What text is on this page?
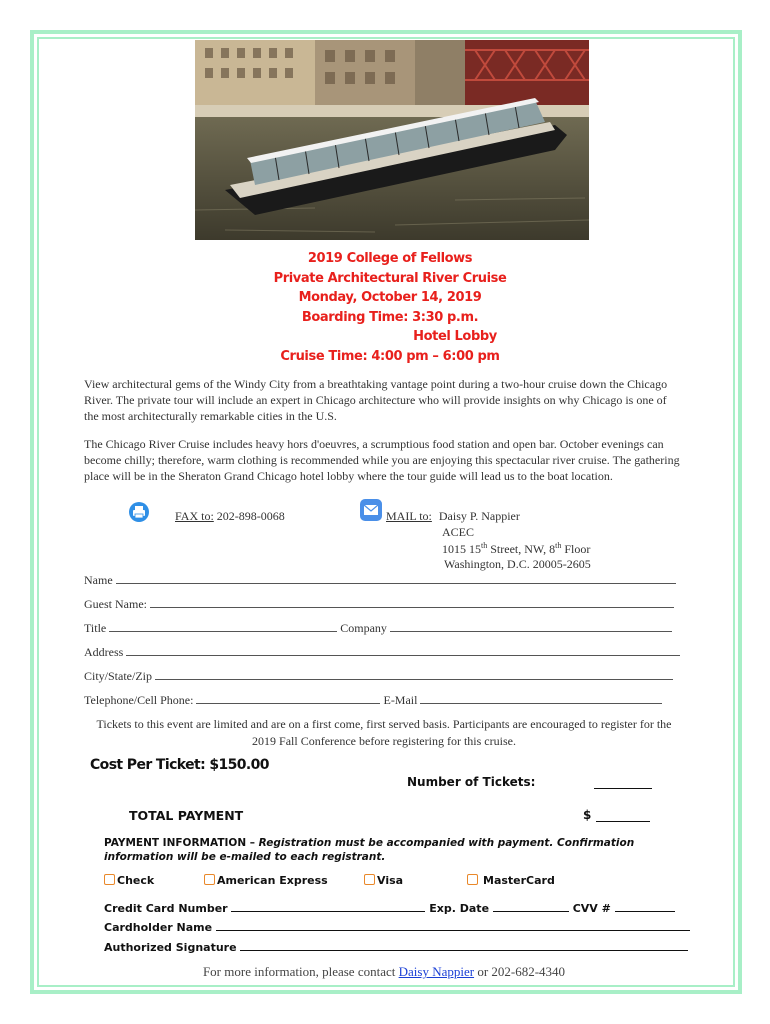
2019 College of Fellows
Private Architectural River Cruise
Monday, October 14, 2019
Boarding Time: 3:30 p.m.
Hotel Lobby
Cruise Time: 4:00 pm – 6:00 pm
View architectural gems of the Windy City from a breathtaking vantage point during a two-hour cruise down the Chicago River. The private tour will include an expert in Chicago architecture who will provide insights on why Chicago is one of the most architecturally remarkable cities in the U.S.
The Chicago River Cruise includes heavy hors d'oeuvres, a scrumptious food station and open bar. October evenings can become chilly; therefore, warm clothing is recommended while you are enjoying this spectacular river cruise. The gathering place will be in the Sheraton Grand Chicago hotel lobby where the tour guide will lead us to the boat location.
FAX to: 202-898-0068	MAIL to: Daisy P. Nappier
ACEC
1015 15th Street, NW, 8th Floor
Washington, D.C. 20005-2605
Name
Guest Name:
Title	Company
Address
City/State/Zip
Telephone/Cell Phone:	E-Mail
Tickets to this event are limited and are on a first come, first served basis. Participants are encouraged to register for the 2019 Fall Conference before registering for this cruise.
Cost Per Ticket: $150.00
Number of Tickets:
TOTAL PAYMENT	$
PAYMENT INFORMATION – Registration must be accompanied with payment. Confirmation information will be e-mailed to each registrant.
Check	American Express	Visa	MasterCard
Credit Card Number	Exp. Date	CVV #
Cardholder Name
Authorized Signature
For more information, please contact Daisy Nappier or 202-682-4340
